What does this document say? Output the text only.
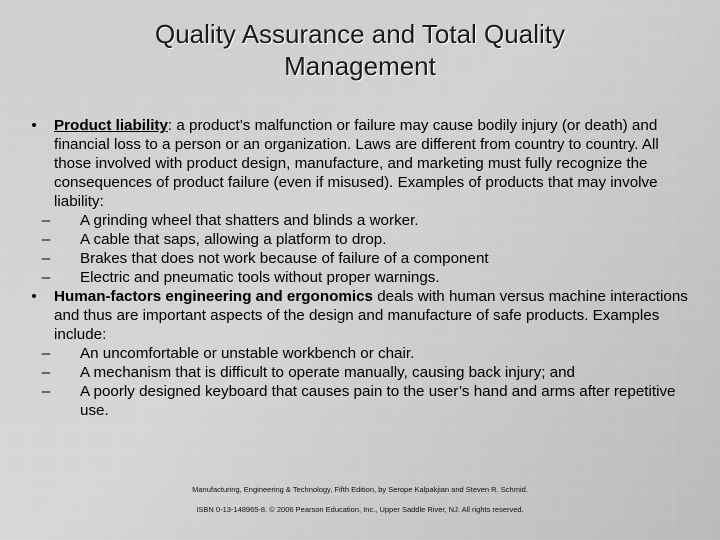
Quality Assurance and Total Quality
Management

• Product liability: a product’s malfunction or failure may cause bodily injury (or death) and financial loss to a person or an organization. Laws are different from country to country. All those involved with product design, manufacture, and marketing must fully recognize the consequences of product failure (even if misused). Examples of products that may involve liability:

–	A grinding wheel that shatters and blinds a worker.

–	A cable that saps, allowing a platform to drop.

–	Brakes that does not work because of failure of a component

–	Electric and pneumatic tools without proper warnings.

• Human-factors engineering and ergonomics deals with human versus machine interactions and thus are important aspects of the design and manufacture of safe products. Examples include:

–	An uncomfortable or unstable workbench or chair.

–	A mechanism that is difficult to operate manually, causing back injury; and

–	A poorly designed keyboard that causes pain to the user’s hand and arms after repetitive use.

Manufacturing, Engineering & Technology, Fifth Edition, by Serope Kalpakjian and Steven R. Schmid.
ISBN 0-13-148965-8. © 2006 Pearson Education, Inc., Upper Saddle River, NJ. All rights reserved.
